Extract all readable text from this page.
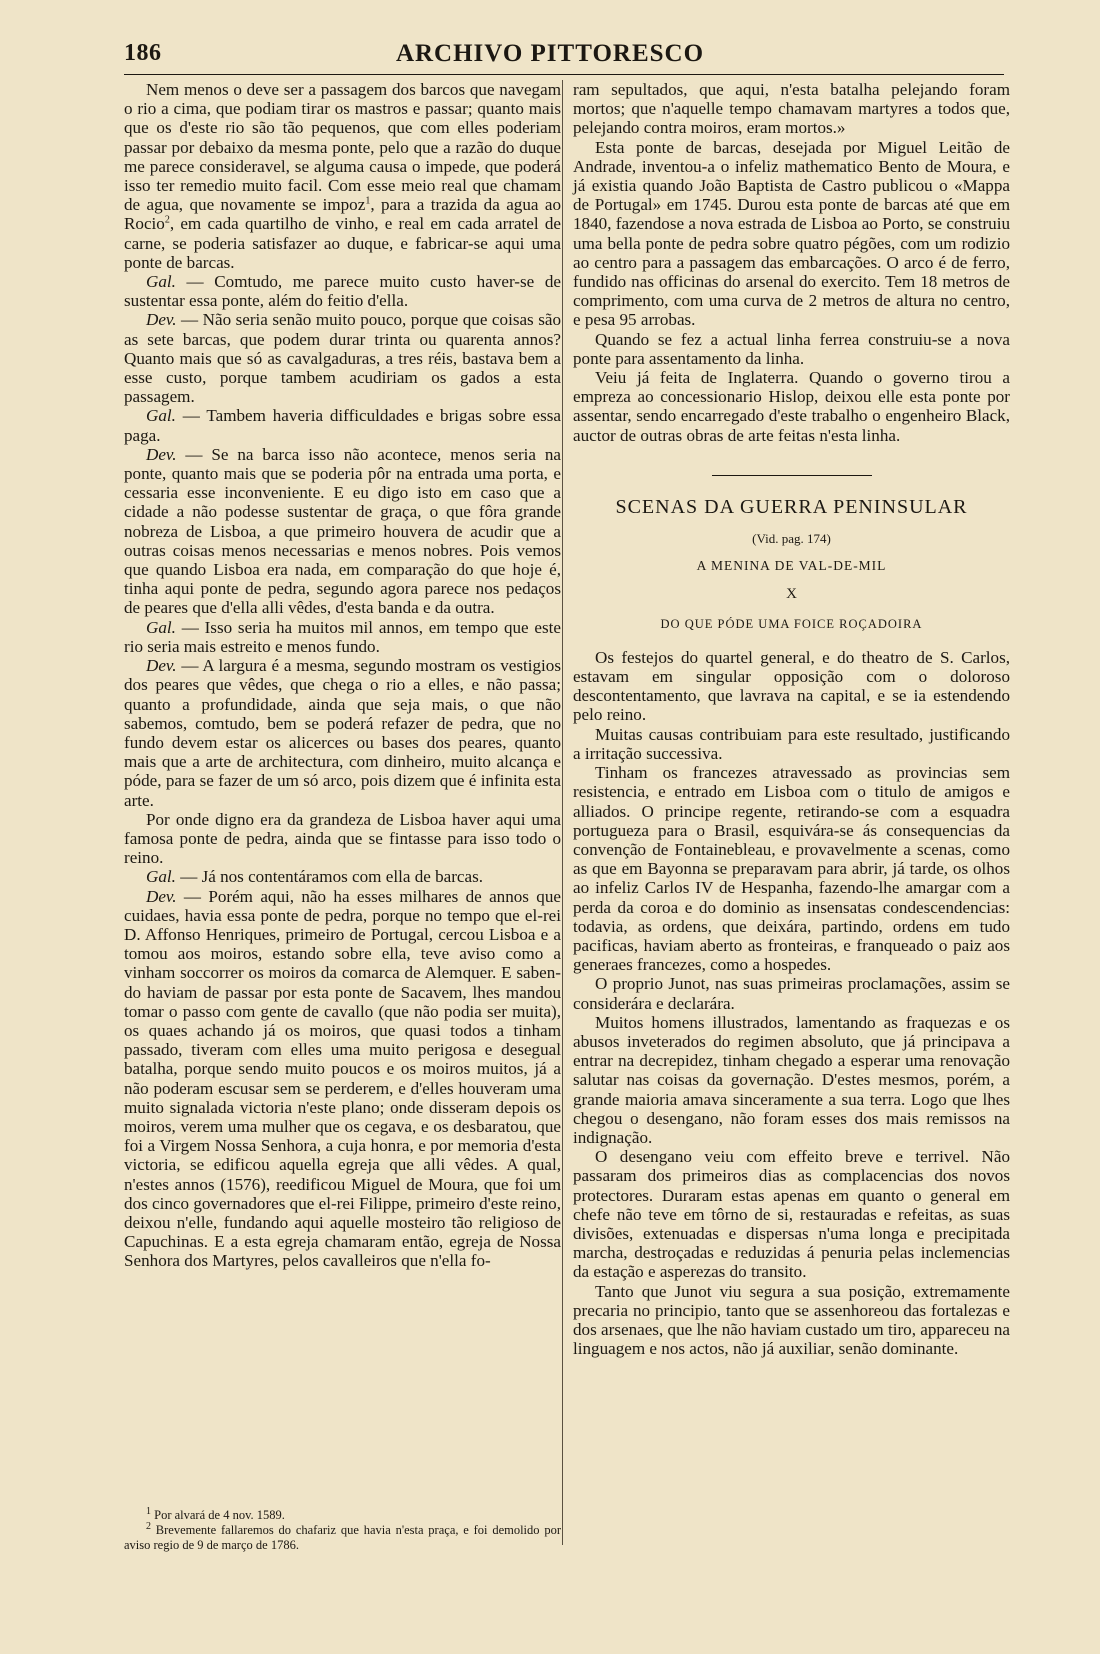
186	ARCHIVO PITTORESCO

Nem menos o deve ser a passagem dos barcos que navegam o rio a cima, que podiam tirar os mastros e passar; quanto mais que os d'este rio são tão pequenos, que com elles poderiam passar por debaixo da mesma ponte, pelo que a razão do duque me parece consideravel, se alguma causa o impede, que poderá isso ter remedio muito facil. Com esse meio real que chamam de agua, que novamente se impoz$^1$, para a trazida da agua ao Rocio$^2$, em cada quartilho de vinho, e real em cada arratel de carne, se poderia satisfazer ao duque, e fabricar-se aqui uma ponte de barcas.

Gal. — Comtudo, me parece muito custo haver-se de sustentar essa ponte, além do feitio d'ella.

Dev. — Não seria senão muito pouco, porque que coisas são as sete barcas, que podem durar trinta ou quarenta annos? Quanto mais que só as cavalgaduras, a tres réis, bastava bem a esse custo, porque tambem acudiriam os gados a esta passagem.

Gal. — Tambem haveria difficuldades e brigas sobre essa paga.

Dev. — Se na barca isso não acontece, menos seria na ponte, quanto mais que se poderia pôr na entrada uma porta, e cessaria esse inconveniente. E eu digo isto em caso que a cidade a não podesse sustentar de graça, o que fôra grande nobreza de Lisboa, a que primeiro houvera de acudir que a outras coisas menos necessarias e menos nobres. Pois vemos que quando Lisboa era nada, em comparação do que hoje é, tinha aqui ponte de pedra, segundo agora parece nos pedaços de peares que d'ella alli vêdes, d'esta banda e da outra.

Gal. — Isso seria ha muitos mil annos, em tempo que este rio seria mais estreito e menos fundo.

Dev. — A largura é a mesma, segundo mostram os vestigios dos peares que vêdes, que chega o rio a elles, e não passa; quanto a profundidade, ainda que seja mais, o que não sabemos, comtudo, bem se poderá refazer de pedra, que no fundo devem estar os alicerces ou bases dos peares, quanto mais que a arte de architectura, com dinheiro, muito alcança e póde, para se fazer de um só arco, pois dizem que é infinita esta arte.

Por onde digno era da grandeza de Lisboa haver aqui uma famosa ponte de pedra, ainda que se fintasse para isso todo o reino.

Gal. — Já nos contentáramos com ella de barcas.

Dev. — Porém aqui, não ha esses milhares de annos que cuidaes, havia essa ponte de pedra, porque no tempo que el-rei D. Affonso Henriques, primeiro de Portugal, cercou Lisboa e a tomou aos moiros, estando sobre ella, teve aviso como a vinham soccorrer os moiros da comarca de Alemquer. E sabendo haviam de passar por esta ponte de Sacavem, lhes mandou tomar o passo com gente de cavallo (que não podia ser muita), os quaes achando já os moiros, que quasi todos a tinham passado, tiveram com elles uma muito perigosa e desegual batalha, porque sendo muito poucos e os moiros muitos, já a não poderam escusar sem se perderem, e d'elles houveram uma muito signalada victoria n'este plano; onde disseram depois os moiros, verem uma mulher que os cegava, e os desbaratou, que foi a Virgem Nossa Senhora, a cuja honra, e por memoria d'esta victoria, se edificou aquella egreja que alli vêdes. A qual, n'estes annos (1576), reedificou Miguel de Moura, que foi um dos cinco governadores que el-rei Filippe, primeiro d'este reino, deixou n'elle, fundando aqui aquelle mosteiro tão religioso de Capuchinas. E a esta egreja chamaram então, egreja de Nossa Senhora dos Martyres, pelos cavalleiros que n'ella fo-

$^1$ Por alvará de 4 nov. 1589.

$^2$ Brevemente fallaremos do chafariz que havia n'esta praça, e foi demolido por aviso regio de 9 de março de 1786.

ram sepultados, que aqui, n'esta batalha pelejando foram mortos; que n'aquelle tempo chamavam martyres a todos que, pelejando contra moiros, eram mortos.»

Esta ponte de barcas, desejada por Miguel Leitão de Andrade, inventou-a o infeliz mathematico Bento de Moura, e já existia quando João Baptista de Castro publicou o «Mappa de Portugal» em 1745. Durou esta ponte de barcas até que em 1840, fazendose a nova estrada de Lisboa ao Porto, se construiu uma bella ponte de pedra sobre quatro pégões, com um rodizio ao centro para a passagem das embarcações. O arco é de ferro, fundido nas officinas do arsenal do exercito. Tem 18 metros de comprimento, com uma curva de 2 metros de altura no centro, e pesa 95 arrobas.

Quando se fez a actual linha ferrea construiu-se a nova ponte para assentamento da linha.

Veiu já feita de Inglaterra. Quando o governo tirou a empreza ao concessionario Hislop, deixou elle esta ponte por assentar, sendo encarregado d'este trabalho o engenheiro Black, auctor de outras obras de arte feitas n'esta linha.

SCENAS DA GUERRA PENINSULAR
(Vid. pag. 174)
A MENINA DE VAL-DE-MIL
X
DO QUE PÓDE UMA FOICE ROÇADOIRA

Os festejos do quartel general, e do theatro de S. Carlos, estavam em singular opposição com o doloroso descontentamento, que lavrava na capital, e se ia estendendo pelo reino.

Muitas causas contribuiam para este resultado, justificando a irritação successiva.

Tinham os francezes atravessado as provincias sem resistencia, e entrado em Lisboa com o titulo de amigos e alliados. O principe regente, retirando-se com a esquadra portugueza para o Brasil, esquivára-se ás consequencias da convenção de Fontainebleau, e provavelmente a scenas, como as que em Bayonna se preparavam para abrir, já tarde, os olhos ao infeliz Carlos IV de Hespanha, fazendo-lhe amargar com a perda da coroa e do dominio as insensatas condescendencias: todavia, as ordens, que deixára, partindo, ordens em tudo pacificas, haviam aberto as fronteiras, e franqueado o paiz aos generaes francezes, como a hospedes.

O proprio Junot, nas suas primeiras proclamações, assim se considerára e declarára.

Muitos homens illustrados, lamentando as fraquezas e os abusos inveterados do regimen absoluto, que já principava a entrar na decrepidez, tinham chegado a esperar uma renovação salutar nas coisas da governação. D'estes mesmos, porém, a grande maioria amava sinceramente a sua terra. Logo que lhes chegou o desengano, não foram esses dos mais remissos na indignação.

O desengano veiu com effeito breve e terrivel. Não passaram dos primeiros dias as complacencias dos novos protectores. Duraram estas apenas em quanto o general em chefe não teve em tôrno de si, restauradas e refeitas, as suas divisões, extenuadas e dispersas n'uma longa e precipitada marcha, destroçadas e reduzidas á penuria pelas inclemencias da estação e asperezas do transito.

Tanto que Junot viu segura a sua posição, extremamente precaria no principio, tanto que se assenhoreou das fortalezas e dos arsenaes, que lhe não haviam custado um tiro, appareceu na linguagem e nos actos, não já auxiliar, senão dominante.
